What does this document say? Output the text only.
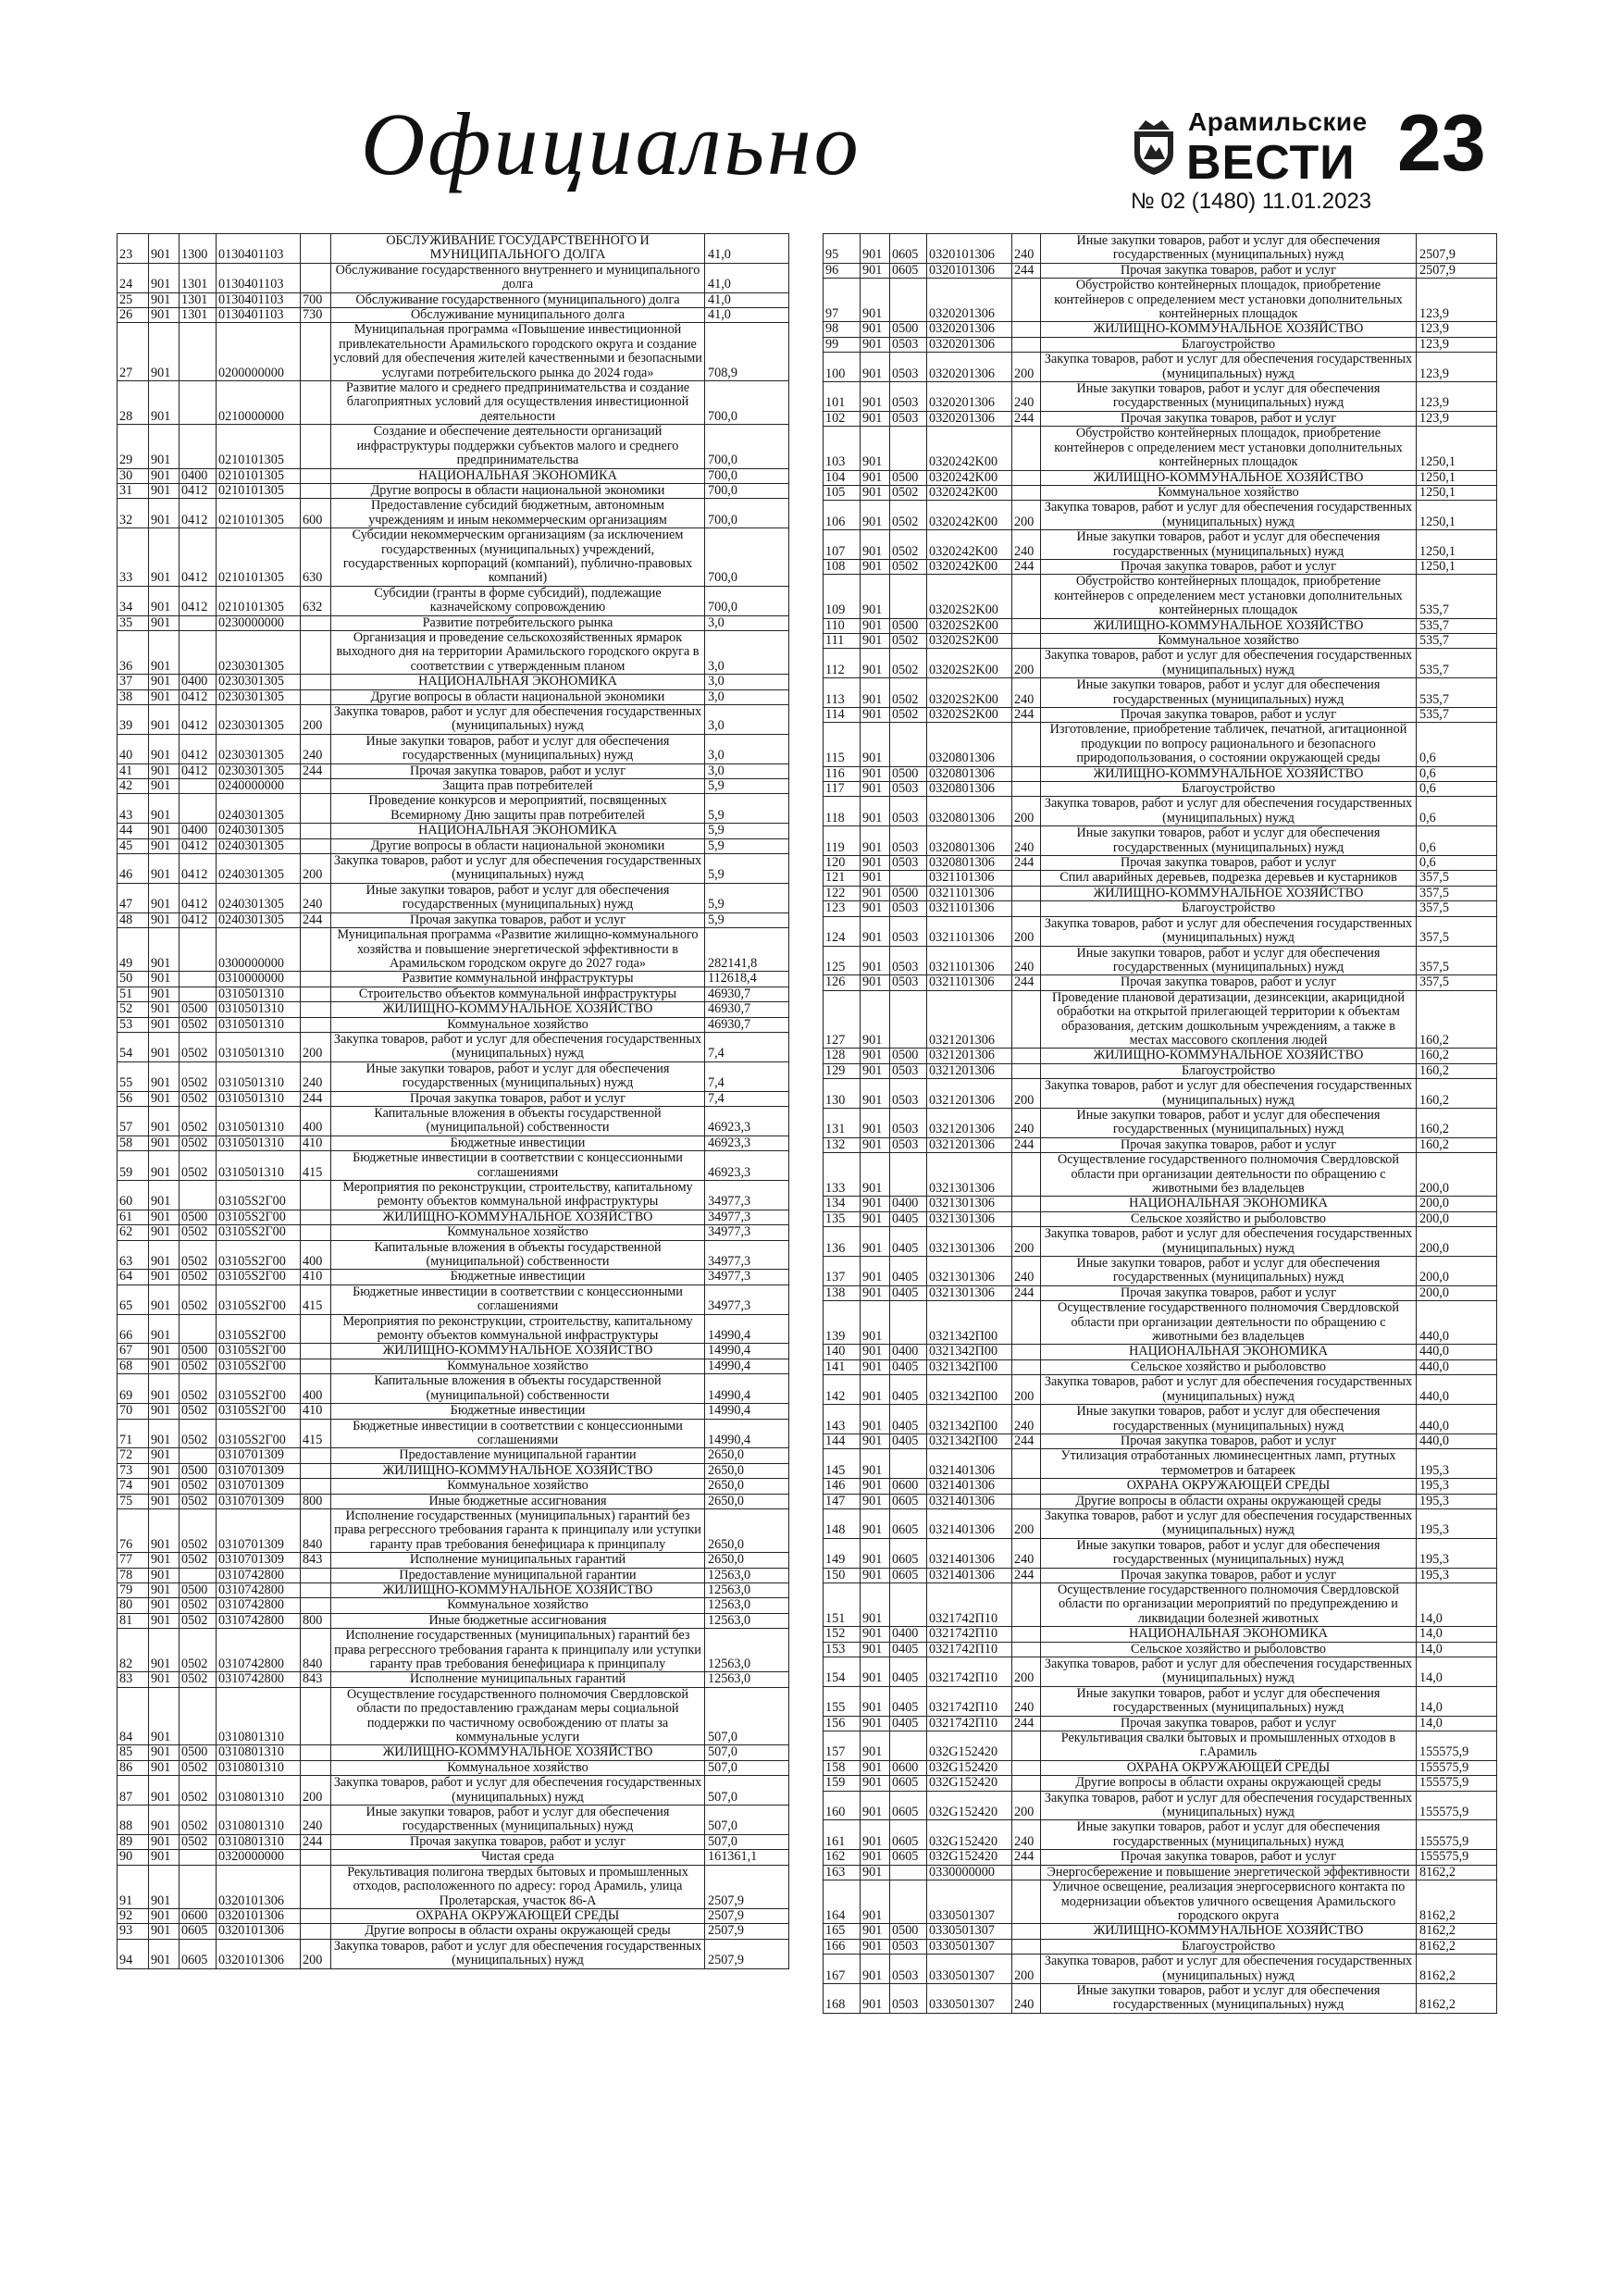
Официально	Арамильские
ВЕСТИ 23
№ 02 (1480) 11.01.2023
23	901	1300	0130401103		ОБСЛУЖИВАНИЕ ГОСУДАРСТВЕННОГО И МУНИЦИПАЛЬНОГО ДОЛГА	41,0
24	901	1301	0130401103		Обслуживание государственного внутреннего и муниципального долга	41,0
25	901	1301	0130401103	700	Обслуживание государственного (муниципального) долга	41,0
26	901	1301	0130401103	730	Обслуживание муниципального долга	41,0
27	901		0200000000		Муниципальная программа «Повышение инвестиционной привлекательности Арамильского городского округа и создание условий для обеспечения жителей качественными и безопасными услугами потребительского рынка до 2024 года»	708,9
28	901		0210000000		Развитие малого и среднего предпринимательства и создание благоприятных условий для осуществления инвестиционной деятельности	700,0
29	901		0210101305		Создание и обеспечение деятельности организаций инфраструктуры поддержки субъектов малого и среднего предпринимательства	700,0
30	901	0400	0210101305		НАЦИОНАЛЬНАЯ ЭКОНОМИКА	700,0
31	901	0412	0210101305		Другие вопросы в области национальной экономики	700,0
32	901	0412	0210101305	600	Предоставление субсидий бюджетным, автономным учреждениям и иным некоммерческим организациям	700,0
33	901	0412	0210101305	630	Субсидии некоммерческим организациям (за исключением государственных (муниципальных) учреждений, государственных корпораций (компаний), публично-правовых компаний)	700,0
34	901	0412	0210101305	632	Субсидии (гранты в форме субсидий), подлежащие казначейскому сопровождению	700,0
35	901		0230000000		Развитие потребительского рынка	3,0
36	901		0230301305		Организация и проведение сельскохозяйственных ярмарок выходного дня на территории Арамильского городского округа в соответствии с утвержденным планом	3,0
37	901	0400	0230301305		НАЦИОНАЛЬНАЯ ЭКОНОМИКА	3,0
38	901	0412	0230301305		Другие вопросы в области национальной экономики	3,0
39	901	0412	0230301305	200	Закупка товаров, работ и услуг для обеспечения государственных (муниципальных) нужд	3,0
40	901	0412	0230301305	240	Иные закупки товаров, работ и услуг для обеспечения государственных (муниципальных) нужд	3,0
41	901	0412	0230301305	244	Прочая закупка товаров, работ и услуг	3,0
42	901		0240000000		Защита прав потребителей	5,9
43	901		0240301305		Проведение конкурсов и мероприятий, посвященных Всемирному Дню защиты прав потребителей	5,9
44	901	0400	0240301305		НАЦИОНАЛЬНАЯ ЭКОНОМИКА	5,9
45	901	0412	0240301305		Другие вопросы в области национальной экономики	5,9
46	901	0412	0240301305	200	Закупка товаров, работ и услуг для обеспечения государственных (муниципальных) нужд	5,9
47	901	0412	0240301305	240	Иные закупки товаров, работ и услуг для обеспечения государственных (муниципальных) нужд	5,9
48	901	0412	0240301305	244	Прочая закупка товаров, работ и услуг	5,9
49	901		0300000000		Муниципальная программа «Развитие жилищно-коммунального хозяйства и повышение энергетической эффективности в Арамильском городском округе до 2027 года»	282141,8
50	901		0310000000		Развитие коммунальной инфраструктуры	112618,4
51	901		0310501310		Строительство объектов коммунальной инфраструктуры	46930,7
52	901	0500	0310501310		ЖИЛИЩНО-КОММУНАЛЬНОЕ ХОЗЯЙСТВО	46930,7
53	901	0502	0310501310		Коммунальное хозяйство	46930,7
54	901	0502	0310501310	200	Закупка товаров, работ и услуг для обеспечения государственных (муниципальных) нужд	7,4
55	901	0502	0310501310	240	Иные закупки товаров, работ и услуг для обеспечения государственных (муниципальных) нужд	7,4
56	901	0502	0310501310	244	Прочая закупка товаров, работ и услуг	7,4
57	901	0502	0310501310	400	Капитальные вложения в объекты государственной (муниципальной) собственности	46923,3
58	901	0502	0310501310	410	Бюджетные инвестиции	46923,3
59	901	0502	0310501310	415	Бюджетные инвестиции в соответствии с концессионными соглашениями	46923,3
60	901		03105S2Г00		Мероприятия по реконструкции, строительству, капитальному ремонту объектов коммунальной инфраструктуры	34977,3
61	901	0500	03105S2Г00		ЖИЛИЩНО-КОММУНАЛЬНОЕ ХОЗЯЙСТВО	34977,3
62	901	0502	03105S2Г00		Коммунальное хозяйство	34977,3
63	901	0502	03105S2Г00	400	Капитальные вложения в объекты государственной (муниципальной) собственности	34977,3
64	901	0502	03105S2Г00	410	Бюджетные инвестиции	34977,3
65	901	0502	03105S2Г00	415	Бюджетные инвестиции в соответствии с концессионными соглашениями	34977,3
66	901		03105S2Г00		Мероприятия по реконструкции, строительству, капитальному ремонту объектов коммунальной инфраструктуры	14990,4
67	901	0500	03105S2Г00		ЖИЛИЩНО-КОММУНАЛЬНОЕ ХОЗЯЙСТВО	14990,4
68	901	0502	03105S2Г00		Коммунальное хозяйство	14990,4
69	901	0502	03105S2Г00	400	Капитальные вложения в объекты государственной (муниципальной) собственности	14990,4
70	901	0502	03105S2Г00	410	Бюджетные инвестиции	14990,4
71	901	0502	03105S2Г00	415	Бюджетные инвестиции в соответствии с концессионными соглашениями	14990,4
72	901		0310701309		Предоставление муниципальной гарантии	2650,0
73	901	0500	0310701309		ЖИЛИЩНО-КОММУНАЛЬНОЕ ХОЗЯЙСТВО	2650,0
74	901	0502	0310701309		Коммунальное хозяйство	2650,0
75	901	0502	0310701309	800	Иные бюджетные ассигнования	2650,0
76	901	0502	0310701309	840	Исполнение государственных (муниципальных) гарантий без права регрессного требования гаранта к принципалу или уступки гаранту прав требования бенефициара к принципалу	2650,0
77	901	0502	0310701309	843	Исполнение муниципальных гарантий	2650,0
78	901		0310742800		Предоставление муниципальной гарантии	12563,0
79	901	0500	0310742800		ЖИЛИЩНО-КОММУНАЛЬНОЕ ХОЗЯЙСТВО	12563,0
80	901	0502	0310742800		Коммунальное хозяйство	12563,0
81	901	0502	0310742800	800	Иные бюджетные ассигнования	12563,0
82	901	0502	0310742800	840	Исполнение государственных (муниципальных) гарантий без права регрессного требования гаранта к принципалу или уступки гаранту прав требования бенефициара к принципалу	12563,0
83	901	0502	0310742800	843	Исполнение муниципальных гарантий	12563,0
84	901		0310801310		Осуществление государственного полномочия Свердловской области по предоставлению гражданам меры социальной поддержки по частичному освобождению от платы за коммунальные услуги	507,0
85	901	0500	0310801310		ЖИЛИЩНО-КОММУНАЛЬНОЕ ХОЗЯЙСТВО	507,0
86	901	0502	0310801310		Коммунальное хозяйство	507,0
87	901	0502	0310801310	200	Закупка товаров, работ и услуг для обеспечения государственных (муниципальных) нужд	507,0
88	901	0502	0310801310	240	Иные закупки товаров, работ и услуг для обеспечения государственных (муниципальных) нужд	507,0
89	901	0502	0310801310	244	Прочая закупка товаров, работ и услуг	507,0
90	901		0320000000		Чистая среда	161361,1
91	901		0320101306		Рекультивация полигона твердых бытовых и промышленных отходов, расположенного по адресу: город Арамиль, улица Пролетарская, участок 86-А	2507,9
92	901	0600	0320101306		ОХРАНА ОКРУЖАЮЩЕЙ СРЕДЫ	2507,9
93	901	0605	0320101306		Другие вопросы в области охраны окружающей среды	2507,9
94	901	0605	0320101306	200	Закупка товаров, работ и услуг для обеспечения государственных (муниципальных) нужд	2507,9
95	901	0605	0320101306	240	Иные закупки товаров, работ и услуг для обеспечения государственных (муниципальных) нужд	2507,9
96	901	0605	0320101306	244	Прочая закупка товаров, работ и услуг	2507,9
97	901		0320201306		Обустройство контейнерных площадок, приобретение контейнеров с определением мест установки дополнительных контейнерных площадок	123,9
98	901	0500	0320201306		ЖИЛИЩНО-КОММУНАЛЬНОЕ ХОЗЯЙСТВО	123,9
99	901	0503	0320201306		Благоустройство	123,9
100	901	0503	0320201306	200	Закупка товаров, работ и услуг для обеспечения государственных (муниципальных) нужд	123,9
101	901	0503	0320201306	240	Иные закупки товаров, работ и услуг для обеспечения государственных (муниципальных) нужд	123,9
102	901	0503	0320201306	244	Прочая закупка товаров, работ и услуг	123,9
103	901		0320242K00		Обустройство контейнерных площадок, приобретение контейнеров с определением мест установки дополнительных контейнерных площадок	1250,1
104	901	0500	0320242K00		ЖИЛИЩНО-КОММУНАЛЬНОЕ ХОЗЯЙСТВО	1250,1
105	901	0502	0320242K00		Коммунальное хозяйство	1250,1
106	901	0502	0320242K00	200	Закупка товаров, работ и услуг для обеспечения государственных (муниципальных) нужд	1250,1
107	901	0502	0320242K00	240	Иные закупки товаров, работ и услуг для обеспечения государственных (муниципальных) нужд	1250,1
108	901	0502	0320242K00	244	Прочая закупка товаров, работ и услуг	1250,1
109	901		03202S2K00		Обустройство контейнерных площадок, приобретение контейнеров с определением мест установки дополнительных контейнерных площадок	535,7
110	901	0500	03202S2K00		ЖИЛИЩНО-КОММУНАЛЬНОЕ ХОЗЯЙСТВО	535,7
111	901	0502	03202S2K00		Коммунальное хозяйство	535,7
112	901	0502	03202S2K00	200	Закупка товаров, работ и услуг для обеспечения государственных (муниципальных) нужд	535,7
113	901	0502	03202S2K00	240	Иные закупки товаров, работ и услуг для обеспечения государственных (муниципальных) нужд	535,7
114	901	0502	03202S2K00	244	Прочая закупка товаров, работ и услуг	535,7
115	901		0320801306		Изготовление, приобретение табличек, печатной, агитационной продукции по вопросу рационального и безопасного природопользования, о состоянии окружающей среды	0,6
116	901	0500	0320801306		ЖИЛИЩНО-КОММУНАЛЬНОЕ ХОЗЯЙСТВО	0,6
117	901	0503	0320801306		Благоустройство	0,6
118	901	0503	0320801306	200	Закупка товаров, работ и услуг для обеспечения государственных (муниципальных) нужд	0,6
119	901	0503	0320801306	240	Иные закупки товаров, работ и услуг для обеспечения государственных (муниципальных) нужд	0,6
120	901	0503	0320801306	244	Прочая закупка товаров, работ и услуг	0,6
121	901		0321101306		Спил аварийных деревьев, подрезка деревьев и кустарников	357,5
122	901	0500	0321101306		ЖИЛИЩНО-КОММУНАЛЬНОЕ ХОЗЯЙСТВО	357,5
123	901	0503	0321101306		Благоустройство	357,5
124	901	0503	0321101306	200	Закупка товаров, работ и услуг для обеспечения государственных (муниципальных) нужд	357,5
125	901	0503	0321101306	240	Иные закупки товаров, работ и услуг для обеспечения государственных (муниципальных) нужд	357,5
126	901	0503	0321101306	244	Прочая закупка товаров, работ и услуг	357,5
127	901		0321201306		Проведение плановой дератизации, дезинсекции, акарицидной обработки на открытой прилегающей территории к объектам образования, детским дошкольным учреждениям, а также в местах массового скопления людей	160,2
128	901	0500	0321201306		ЖИЛИЩНО-КОММУНАЛЬНОЕ ХОЗЯЙСТВО	160,2
129	901	0503	0321201306		Благоустройство	160,2
130	901	0503	0321201306	200	Закупка товаров, работ и услуг для обеспечения государственных (муниципальных) нужд	160,2
131	901	0503	0321201306	240	Иные закупки товаров, работ и услуг для обеспечения государственных (муниципальных) нужд	160,2
132	901	0503	0321201306	244	Прочая закупка товаров, работ и услуг	160,2
133	901		0321301306		Осуществление государственного полномочия Свердловской области при организации деятельности по обращению с животными без владельцев	200,0
134	901	0400	0321301306		НАЦИОНАЛЬНАЯ ЭКОНОМИКА	200,0
135	901	0405	0321301306		Сельское хозяйство и рыболовство	200,0
136	901	0405	0321301306	200	Закупка товаров, работ и услуг для обеспечения государственных (муниципальных) нужд	200,0
137	901	0405	0321301306	240	Иные закупки товаров, работ и услуг для обеспечения государственных (муниципальных) нужд	200,0
138	901	0405	0321301306	244	Прочая закупка товаров, работ и услуг	200,0
139	901		0321342П00		Осуществление государственного полномочия Свердловской области при организации деятельности по обращению с животными без владельцев	440,0
140	901	0400	0321342П00		НАЦИОНАЛЬНАЯ ЭКОНОМИКА	440,0
141	901	0405	0321342П00		Сельское хозяйство и рыболовство	440,0
142	901	0405	0321342П00	200	Закупка товаров, работ и услуг для обеспечения государственных (муниципальных) нужд	440,0
143	901	0405	0321342П00	240	Иные закупки товаров, работ и услуг для обеспечения государственных (муниципальных) нужд	440,0
144	901	0405	0321342П00	244	Прочая закупка товаров, работ и услуг	440,0
145	901		0321401306		Утилизация отработанных люминесцентных ламп, ртутных термометров и батареек	195,3
146	901	0600	0321401306		ОХРАНА ОКРУЖАЮЩЕЙ СРЕДЫ	195,3
147	901	0605	0321401306		Другие вопросы в области охраны окружающей среды	195,3
148	901	0605	0321401306	200	Закупка товаров, работ и услуг для обеспечения государственных (муниципальных) нужд	195,3
149	901	0605	0321401306	240	Иные закупки товаров, работ и услуг для обеспечения государственных (муниципальных) нужд	195,3
150	901	0605	0321401306	244	Прочая закупка товаров, работ и услуг	195,3
151	901		0321742П10		Осуществление государственного полномочия Свердловской области по организации мероприятий по предупреждению и ликвидации болезней животных	14,0
152	901	0400	0321742П10		НАЦИОНАЛЬНАЯ ЭКОНОМИКА	14,0
153	901	0405	0321742П10		Сельское хозяйство и рыболовство	14,0
154	901	0405	0321742П10	200	Закупка товаров, работ и услуг для обеспечения государственных (муниципальных) нужд	14,0
155	901	0405	0321742П10	240	Иные закупки товаров, работ и услуг для обеспечения государственных (муниципальных) нужд	14,0
156	901	0405	0321742П10	244	Прочая закупка товаров, работ и услуг	14,0
157	901		032G152420		Рекультивация свалки бытовых и промышленных отходов в г.Арамиль	155575,9
158	901	0600	032G152420		ОХРАНА ОКРУЖАЮЩЕЙ СРЕДЫ	155575,9
159	901	0605	032G152420		Другие вопросы в области охраны окружающей среды	155575,9
160	901	0605	032G152420	200	Закупка товаров, работ и услуг для обеспечения государственных (муниципальных) нужд	155575,9
161	901	0605	032G152420	240	Иные закупки товаров, работ и услуг для обеспечения государственных (муниципальных) нужд	155575,9
162	901	0605	032G152420	244	Прочая закупка товаров, работ и услуг	155575,9
163	901		0330000000		Энергосбережение и повышение энергетической эффективности	8162,2
164	901		0330501307		Уличное освещение, реализация энергосервисного контакта по модернизации объектов уличного освещения Арамильского городского округа	8162,2
165	901	0500	0330501307		ЖИЛИЩНО-КОММУНАЛЬНОЕ ХОЗЯЙСТВО	8162,2
166	901	0503	0330501307		Благоустройство	8162,2
167	901	0503	0330501307	200	Закупка товаров, работ и услуг для обеспечения государственных (муниципальных) нужд	8162,2
168	901	0503	0330501307	240	Иные закупки товаров, работ и услуг для обеспечения государственных (муниципальных) нужд	8162,2
